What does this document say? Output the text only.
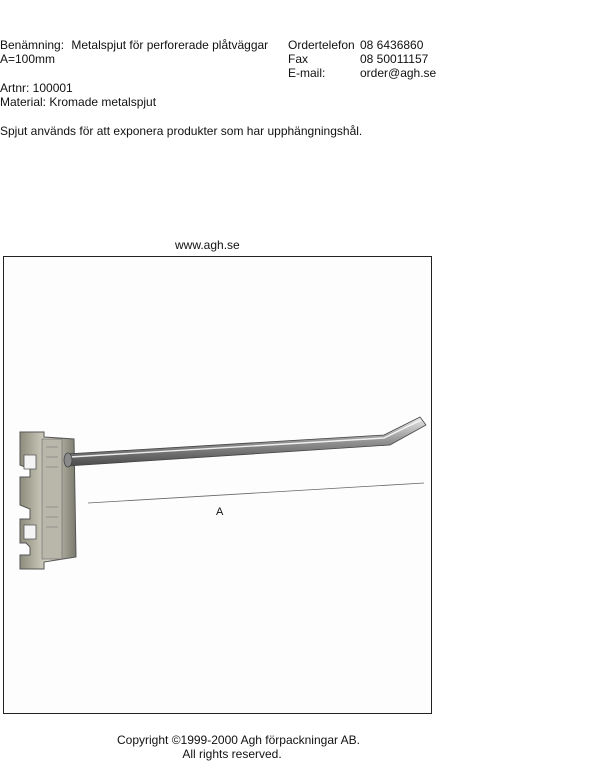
Benämning: Metalspjut för perforerade plåtväggar
A=100mm
Artnr: 100001
Material: Kromade metalspjut
Spjut används för att exponera produkter som har upphängningshål.
Ordertelefon 08 6436860
Fax	08 50011157
E-mail:	order@agh.se
www.agh.se
A
Copyright ©1999-2000 Agh förpackningar AB.
All rights reserved.
